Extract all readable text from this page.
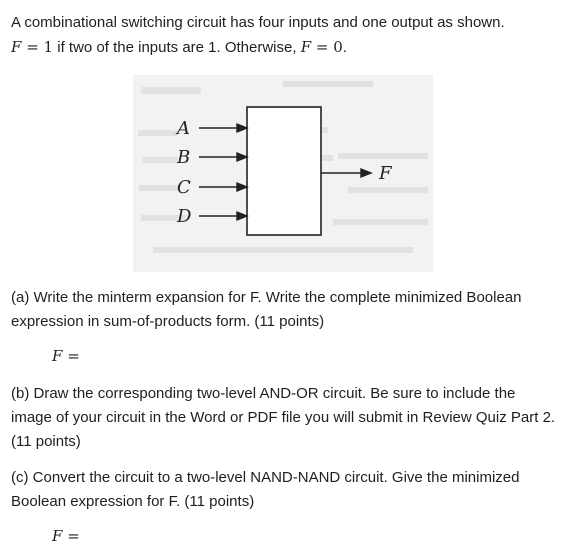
A combinational switching circuit has four inputs and one output as shown.
F = 1 if two of the inputs are 1. Otherwise, F = 0.
A
B
C
D
F
(a) Write the minterm expansion for F. Write the complete minimized Boolean expression in sum-of-products form. (11 points)
F =
(b) Draw the corresponding two-level AND-OR circuit. Be sure to include the image of your circuit in the Word or PDF file you will submit in Review Quiz Part 2. (11 points)
(c) Convert the circuit to a two-level NAND-NAND circuit. Give the minimized Boolean expression for F. (11 points)
F =
